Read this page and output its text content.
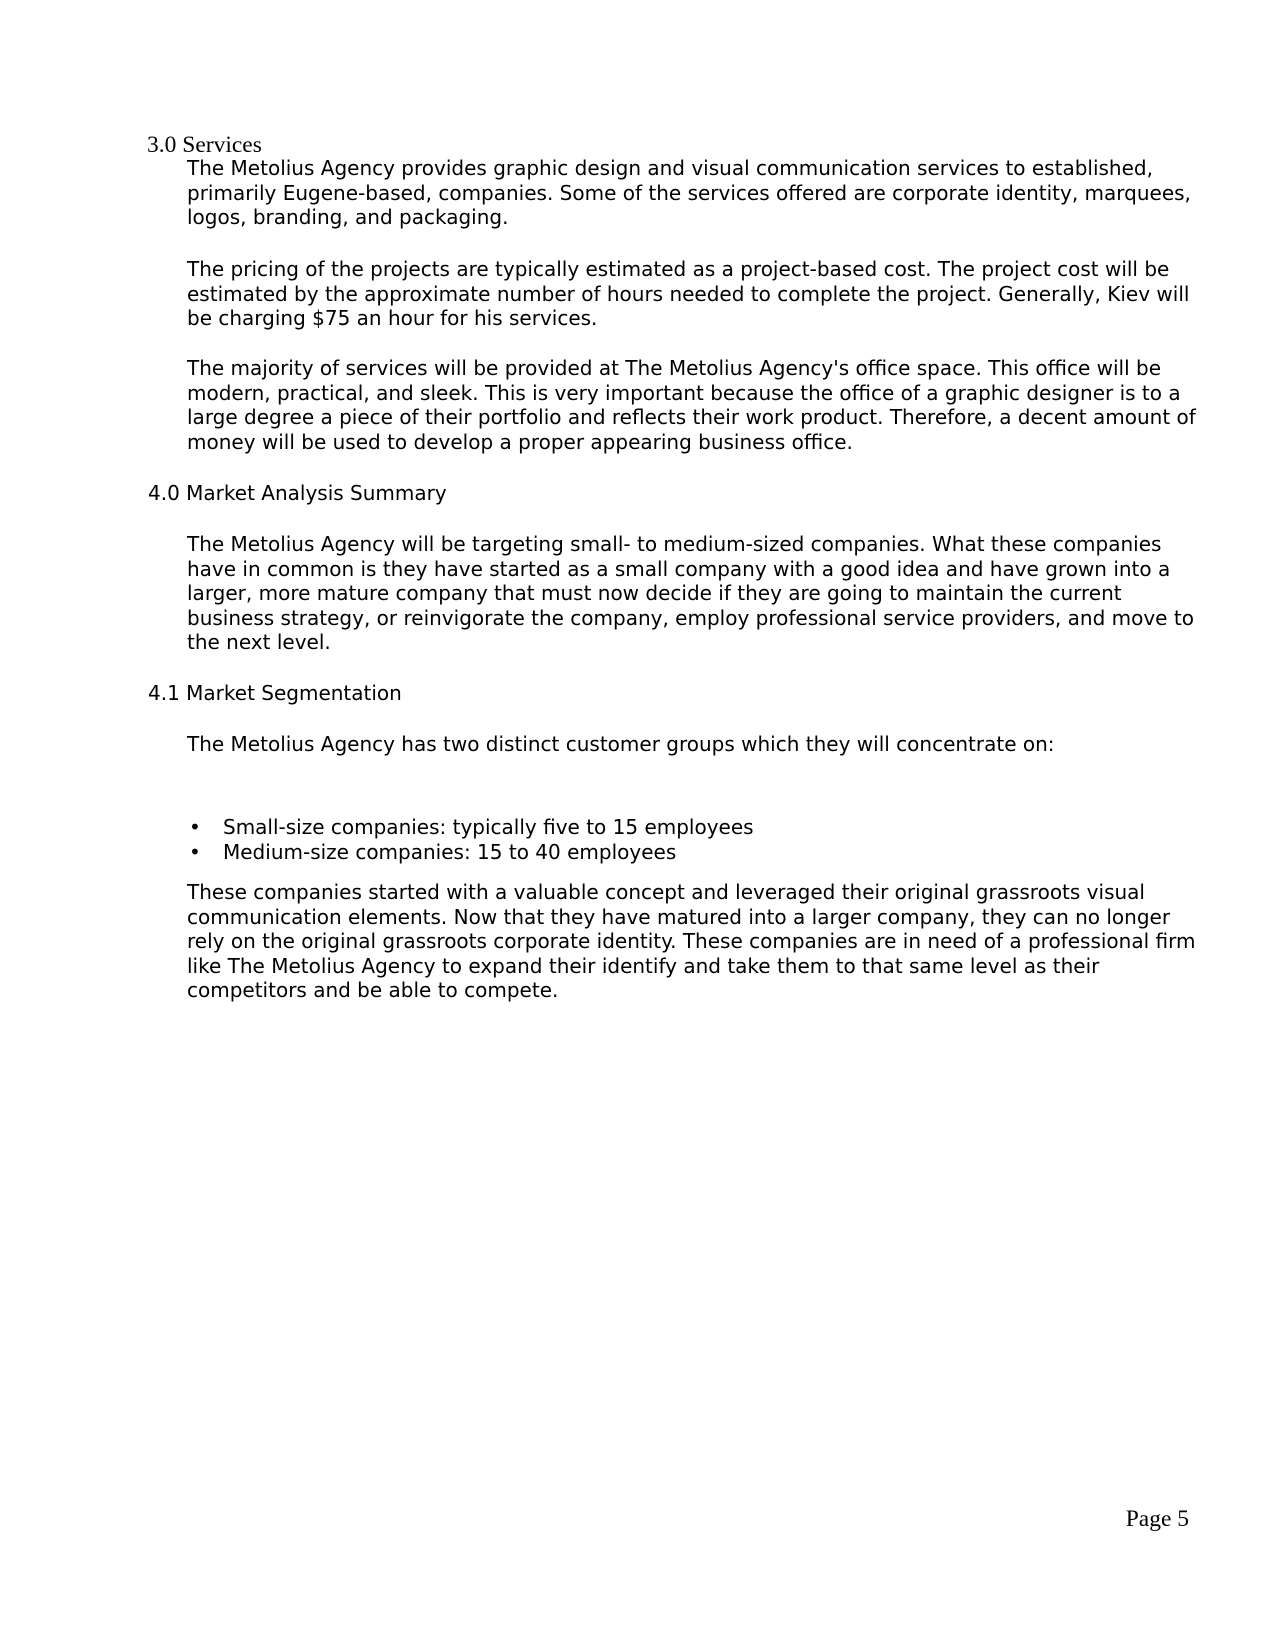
3.0 Services

The Metolius Agency provides graphic design and visual communication services to established, primarily Eugene-based, companies. Some of the services offered are corporate identity, marquees, logos, branding, and packaging.

The pricing of the projects are typically estimated as a project-based cost. The project cost will be estimated by the approximate number of hours needed to complete the project. Generally, Kiev will be charging $75 an hour for his services.

The majority of services will be provided at The Metolius Agency's office space. This office will be modern, practical, and sleek. This is very important because the office of a graphic designer is to a large degree a piece of their portfolio and reflects their work product. Therefore, a decent amount of money will be used to develop a proper appearing business office.

4.0 Market Analysis Summary

The Metolius Agency will be targeting small- to medium-sized companies. What these companies have in common is they have started as a small company with a good idea and have grown into a larger, more mature company that must now decide if they are going to maintain the current business strategy, or reinvigorate the company, employ professional service providers, and move to the next level.

4.1 Market Segmentation

The Metolius Agency has two distinct customer groups which they will concentrate on:

• Small-size companies: typically five to 15 employees
• Medium-size companies: 15 to 40 employees

These companies started with a valuable concept and leveraged their original grassroots visual communication elements. Now that they have matured into a larger company, they can no longer rely on the original grassroots corporate identity. These companies are in need of a professional firm like The Metolius Agency to expand their identify and take them to that same level as their competitors and be able to compete.

Page 5
